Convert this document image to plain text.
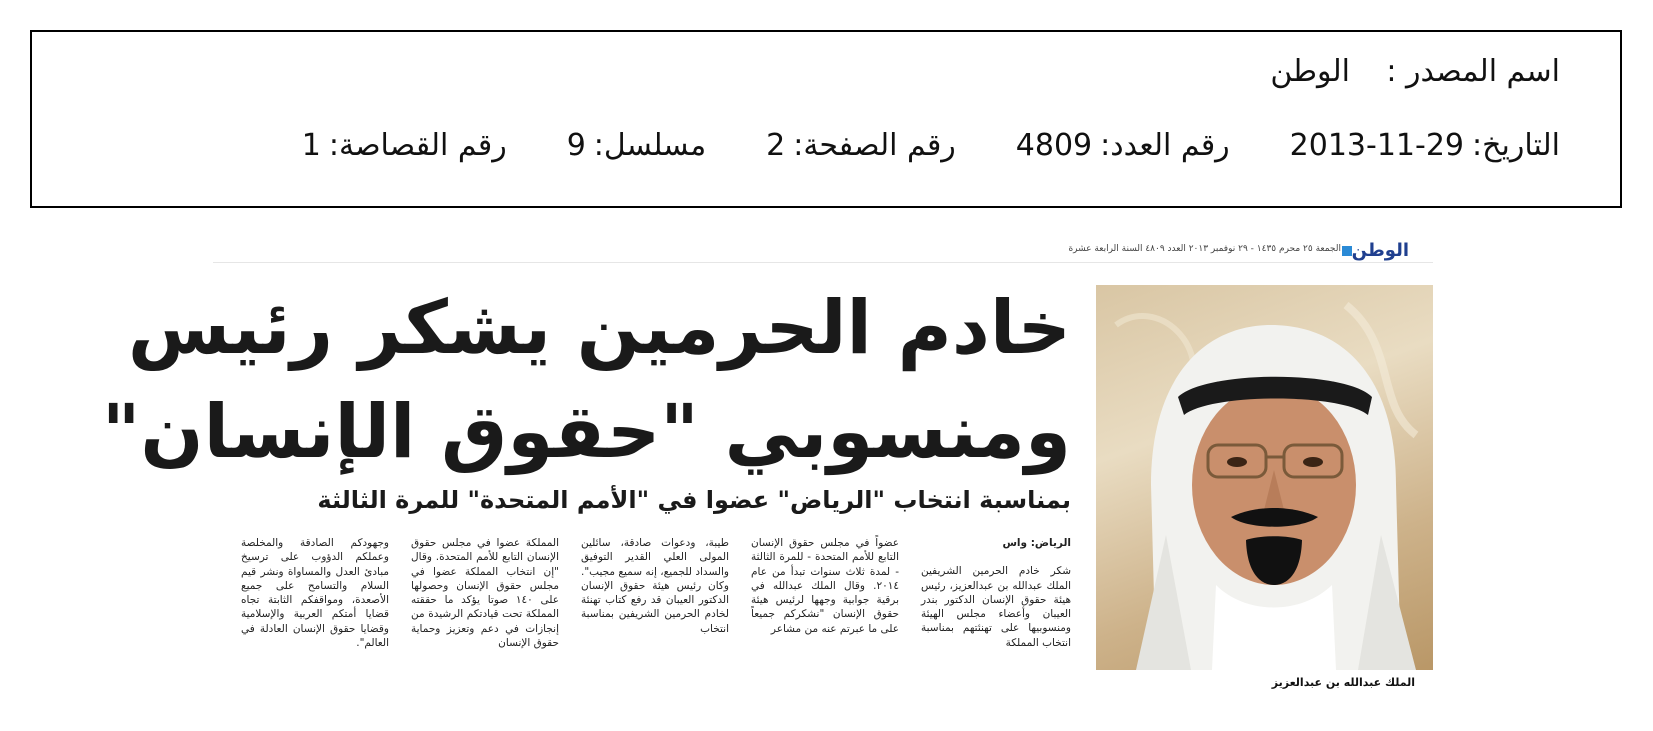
اسم المصدر :
الوطن
التاريخ:
2013-11-29
رقم العدد:
4809
رقم الصفحة:
2
مسلسل:
9
رقم القصاصة:
1
الوطن
الجمعة ٢٥ محرم ١٤٣٥ - ٢٩ نوفمبر ٢٠١٣ العدد ٤٨٠٩ السنة الرابعة عشرة
الملك عبدالله بن عبدالعزيز
خادم الحرمين يشكر رئيس
ومنسوبي "حقوق الإنسان"
بمناسبة انتخاب "الرياض" عضوا في "الأمم المتحدة" للمرة الثالثة
الرياض: واس
شكر خادم الحرمين الشريفين الملك عبدالله بن عبدالعزيز، رئيس هيئة حقوق الإنسان الدكتور بندر العيبان وأعضاء مجلس الهيئة ومنسوبيها على تهنئتهم بمناسبة انتخاب المملكة
عضواً في مجلس حقوق الإنسان التابع للأمم المتحدة - للمرة الثالثة - لمدة ثلاث سنوات تبدأ من عام ٢٠١٤. وقال الملك عبدالله في برقية جوابية وجهها لرئيس هيئة حقوق الإنسان "نشكركم جميعاً على ما عبرتم عنه من مشاعر
طيبة، ودعوات صادقة، سائلين المولى العلي القدير التوفيق والسداد للجميع، إنه سميع مجيب". وكان رئيس هيئة حقوق الإنسان الدكتور العيبان قد رفع كتاب تهنئة لخادم الحرمين الشريفين بمناسبة انتخاب
المملكة عضوا في مجلس حقوق الإنسان التابع للأمم المتحدة. وقال "إن انتخاب المملكة عضوا في مجلس حقوق الإنسان وحصولها على ١٤٠ صوتا يؤكد ما حققته المملكة تحت قيادتكم الرشيدة من إنجازات في دعم وتعزيز وحماية حقوق الإنسان
وجهودكم الصادقة والمخلصة وعملكم الدؤوب على ترسيخ مبادئ العدل والمساواة ونشر قيم السلام والتسامح على جميع الأصعدة، ومواقفكم الثابتة تجاه قضايا أمتكم العربية والإسلامية وقضايا حقوق الإنسان العادلة في العالم".
